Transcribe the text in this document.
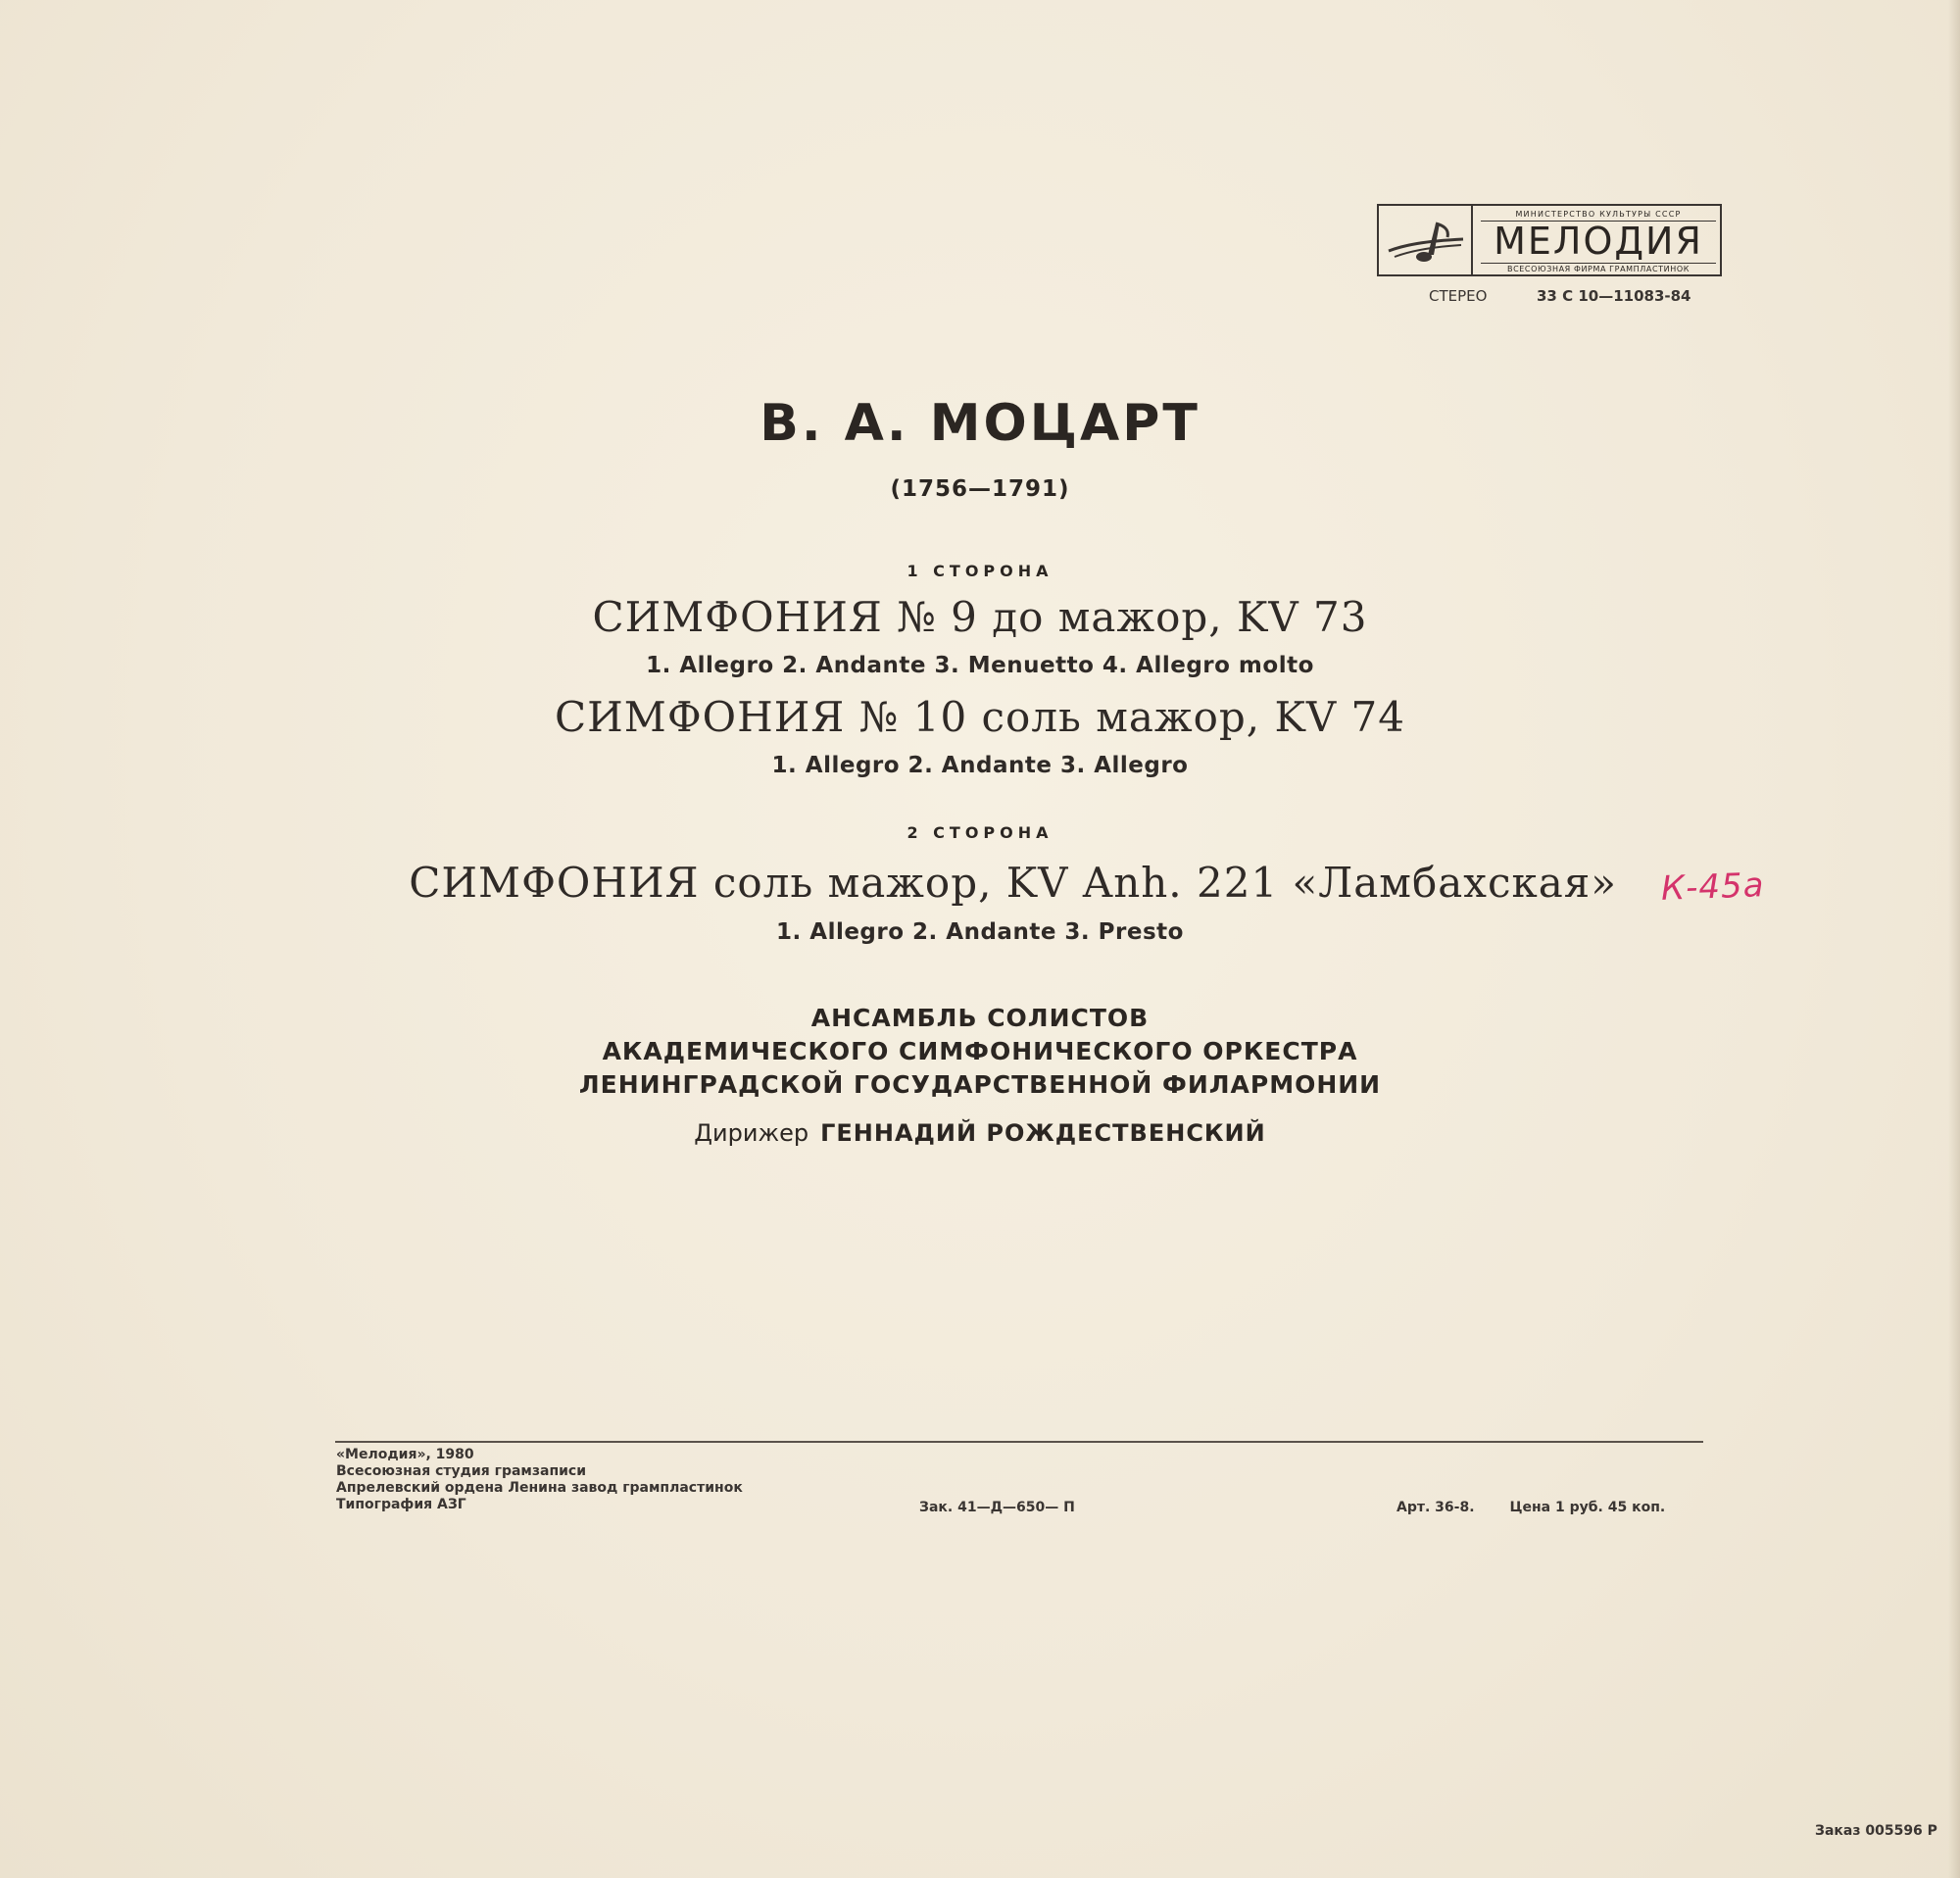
МИНИСТЕРСТВО КУЛЬТУРЫ СССР
МЕЛОДИЯ
ВСЕСОЮЗНАЯ ФИРМА ГРАМПЛАСТИНОК
СТЕРЕО	33 С 10—11083-84
В. А. МОЦАРТ
(1756—1791)
1 СТОРОНА
СИМФОНИЯ № 9 до мажор, KV 73
1. Allegro 2. Andante 3. Menuetto 4. Allegro molto
СИМФОНИЯ № 10 соль мажор, KV 74
1. Allegro 2. Andante 3. Allegro
2 СТОРОНА
СИМФОНИЯ соль мажор, KV Anh. 221 «Ламбахская» К-45а
1. Allegro 2. Andante 3. Presto
АНСАМБЛЬ СОЛИСТОВ
АКАДЕМИЧЕСКОГО СИМФОНИЧЕСКОГО ОРКЕСТРА
ЛЕНИНГРАДСКОЙ ГОСУДАРСТВЕННОЙ ФИЛАРМОНИИ
Дирижер ГЕННАДИЙ РОЖДЕСТВЕНСКИЙ
«Мелодия», 1980
Всесоюзная студия грамзаписи
Апрелевский ордена Ленина завод грампластинок
Типография АЗГ	Зак. 41—Д—650— П	Арт. 36-8.	Цена 1 руб. 45 коп.
Заказ 005596 Р
